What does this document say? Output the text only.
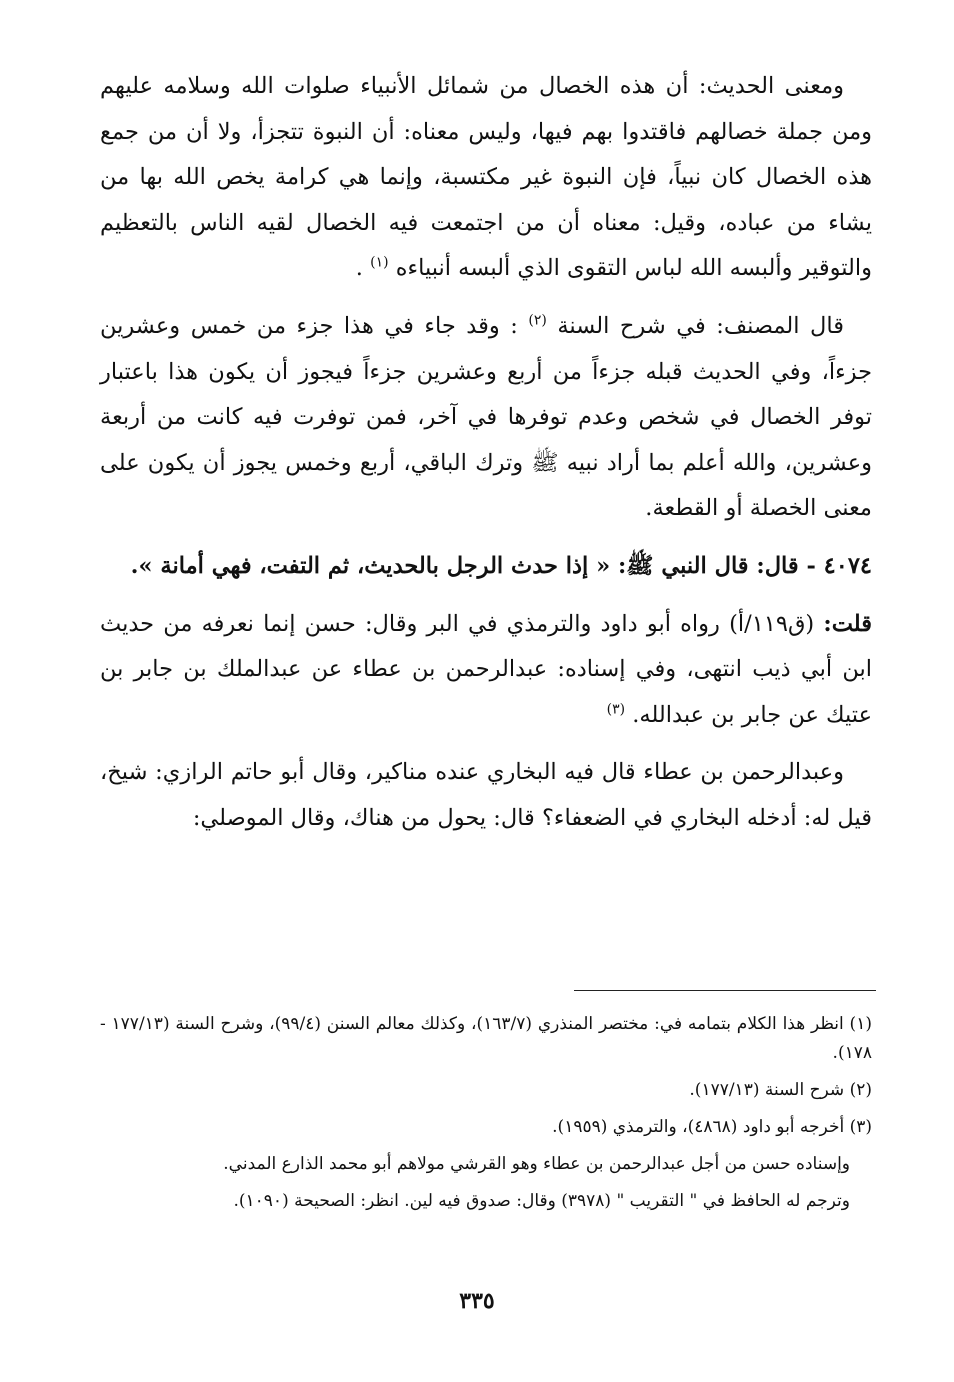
ومعنى الحديث: أن هذه الخصال من شمائل الأنبياء صلوات الله وسلامه عليهم ومن جملة خصالهم فاقتدوا بهم فيها، وليس معناه: أن النبوة تتجزأ، ولا أن من جمع هذه الخصال كان نبياً، فإن النبوة غير مكتسبة، وإنما هي كرامة يخص الله بها من يشاء من عباده، وقيل: معناه أن من اجتمعت فيه الخصال لقيه الناس بالتعظيم والتوقير وألبسه الله لباس التقوى الذي ألبسه أنبياءه $^{(١)}$ .

قال المصنف: في شرح السنة $^{(٢)}$ : وقد جاء في هذا جزء من خمس وعشرين جزءاً، وفي الحديث قبله جزءاً من أربع وعشرين جزءاً فيجوز أن يكون هذا باعتبار توفر الخصال في شخص وعدم توفرها في آخر، فمن توفرت فيه كانت من أربعة وعشرين، والله أعلم بما أراد نبيه ﷺ وترك الباقي، أربع وخمس يجوز أن يكون على معنى الخصلة أو القطعة.

٤٠٧٤ - قال: قال النبي ﷺ: « إذا حدث الرجل بالحديث، ثم التفت، فهي أمانة ».

قلت: (ق١١٩/أ) رواه أبو داود والترمذي في البر وقال: حسن إنما نعرفه من حديث ابن أبي ذيب انتهى، وفي إسناده: عبدالرحمن بن عطاء عن عبدالملك بن جابر بن عتيك عن جابر بن عبدالله. $^{(٣)}$

وعبدالرحمن بن عطاء قال فيه البخاري عنده مناكير، وقال أبو حاتم الرازي: شيخ، قيل له: أدخله البخاري في الضعفاء؟ قال: يحول من هناك، وقال الموصلي:

(١) انظر هذا الكلام بتمامه في: مختصر المنذري (١٦٣/٧)، وكذلك معالم السنن (٩٩/٤)، وشرح السنة (١٧٧/١٣ - ١٧٨).

(٢) شرح السنة (١٧٧/١٣).

(٣) أخرجه أبو داود (٤٨٦٨)، والترمذي (١٩٥٩).

وإسناده حسن من أجل عبدالرحمن بن عطاء وهو القرشي مولاهم أبو محمد الذارع المدني.

وترجم له الحافظ في " التقريب " (٣٩٧٨) وقال: صدوق فيه لين. انظر: الصحيحة (١٠٩٠).

٣٣٥
